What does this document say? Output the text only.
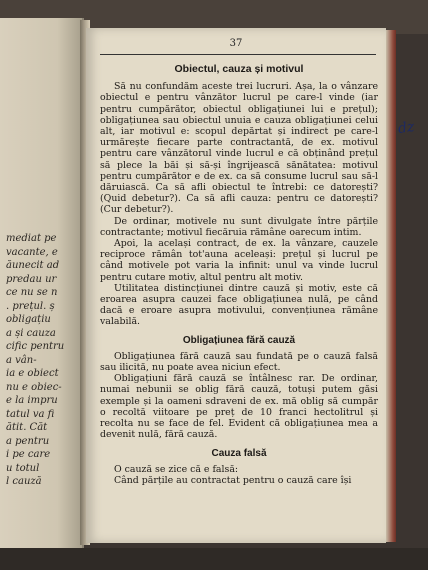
mediat pe
vacante, e
ăunecit ad
predau ur
ce nu se n
. prețul. ș
obligațiu
a și cauza
cific pentru
a vân-
ia e obiect
nu e obiec-
e la impru
tatul va fi
ătit. Căt
a pentru
i pe care
u totul
l cauză
37
Obiectul, cauza și motivul

Să nu confundăm aceste trei lucruri. Așa, la o vânzare obiectul e pentru vânzător lucrul pe care-l vinde (iar pentru cumpărător, obiectul obligațiunei lui e prețul); obligațiunea sau obiectul unuia e cauza obligațiunei celui alt, iar motivul e: scopul depărtat și indirect pe care-l urmărește fiecare parte contractantă, de ex. motivul pentru care vânzătorul vinde lucrul e că obținând prețul să plece la băi și să-și îngrijească sănătatea: motivul pentru cumpărător e de ex. ca să consume lucrul sau să-l dăruiască. Ca să afli obiectul te întrebi: ce datorești? (Quid debetur?). Ca să afli cauza: pentru ce datorești? (Cur debetur?).

De ordinar, motivele nu sunt divulgate între părțile contractante; motivul fiecăruia rămâne oarecum intim.

Apoi, la același contract, de ex. la vânzare, cauzele reciproce rămân tot'auna aceleași: prețul și lucrul pe când motivele pot varia la infinit: unul va vinde lucrul pentru cutare motiv, altul pentru alt motiv.

Utilitatea distincțiunei dintre cauză și motiv, este că eroarea asupra cauzei face obligațiunea nulă, pe când dacă e eroare asupra motivului, convențiunea rămâne valabilă.

Obligațiunea fără cauză

Obligațiunea fără cauză sau fundată pe o cauză falsă sau ilicită, nu poate avea niciun efect.

Obligațiuni fără cauză se întâlnesc rar. De ordinar, numai nebunii se oblig fără cauză, totuși putem găsi exemple și la oameni sdraveni de ex. mă oblig să cumpăr o recoltă viitoare pe preț de 10 franci hectolitrul și recolta nu se face de fel. Evident că obligațiunea mea a devenit nulă, fără cauză.

Cauza falsă

O cauză se zice că e falsă:

Când părțile au contractat pentru o cauză care își

dz
